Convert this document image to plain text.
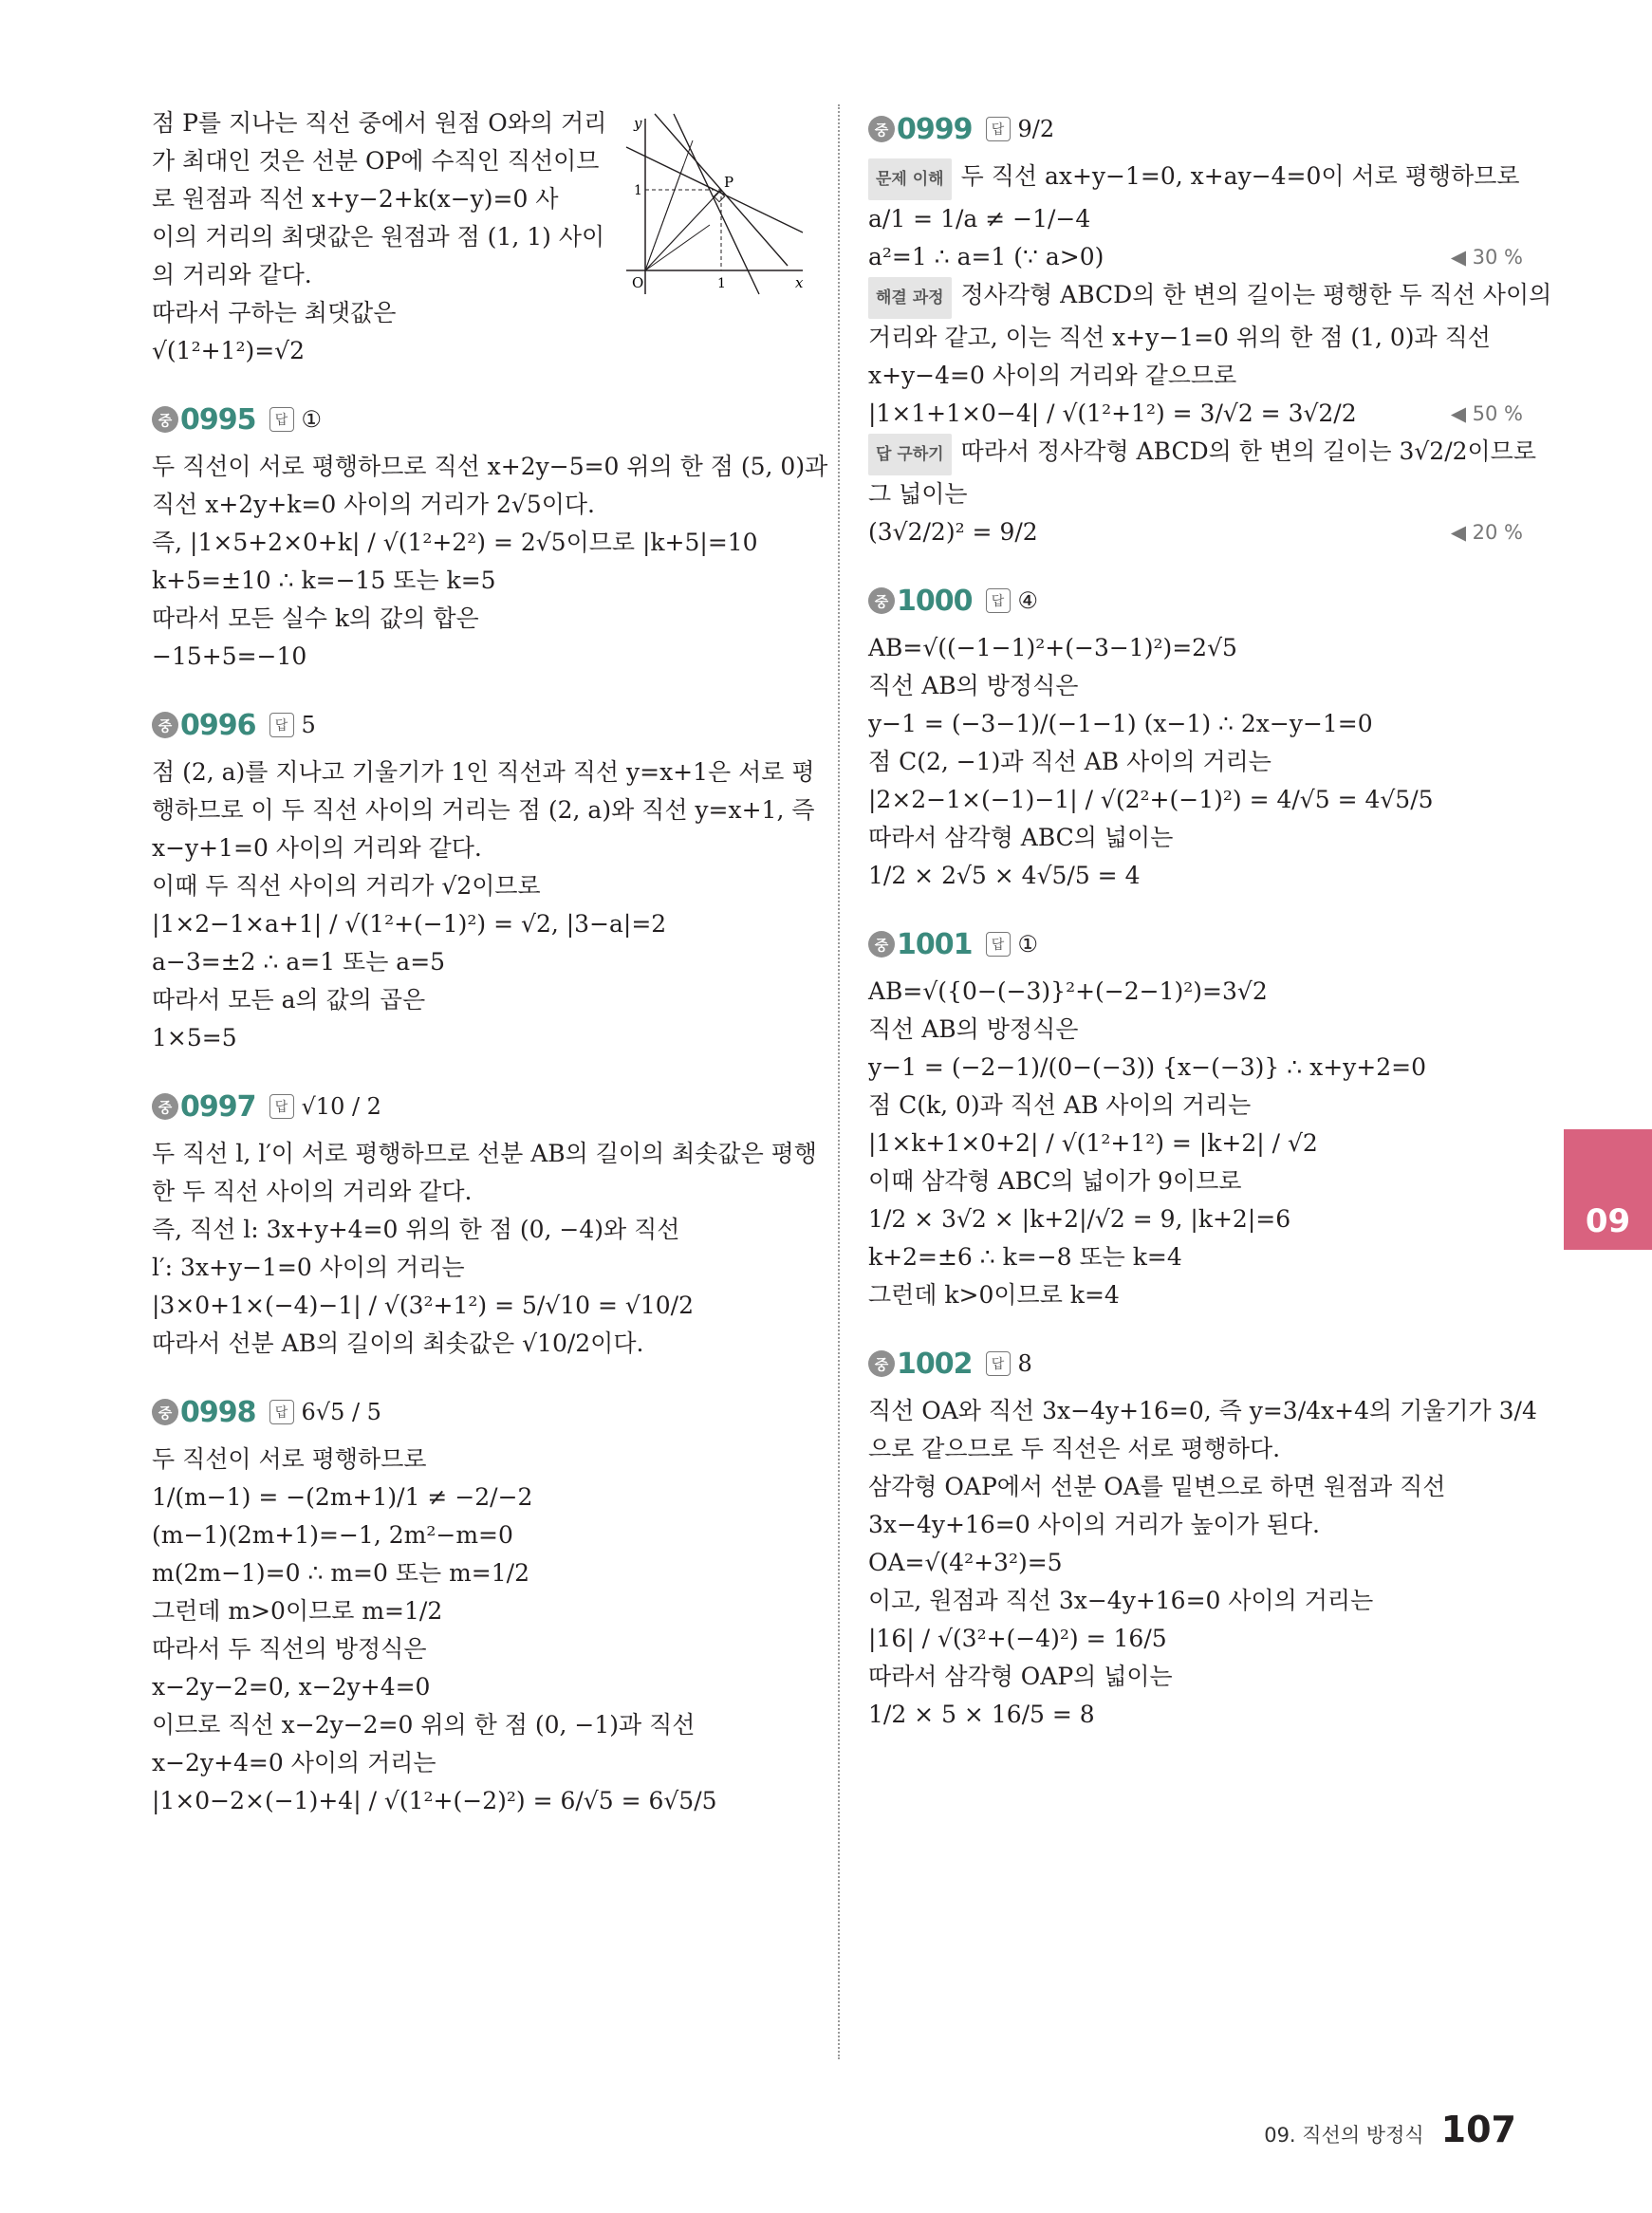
점 P를 지나는 직선 중에서 원점 O와의 거리
가 최대인 것은 선분 OP에 수직인 직선이므
로 원점과 직선 x+y−2+k(x−y)=0 사
이의 거리의 최댓값은 원점과 점 (1, 1) 사이
의 거리와 같다.
따라서 구하는 최댓값은
√(1²+1²)=√2
중 0995	답 ①
두 직선이 서로 평행하므로 직선 x+2y−5=0 위의 한 점 (5, 0)과
직선 x+2y+k=0 사이의 거리가 2√5이다.
즉, |1×5+2×0+k| / √(1²+2²) = 2√5이므로 |k+5|=10
k+5=±10 ∴ k=−15 또는 k=5
따라서 모든 실수 k의 값의 합은
−15+5=−10
중 0996	답 5
점 (2, a)를 지나고 기울기가 1인 직선과 직선 y=x+1은 서로 평
행하므로 이 두 직선 사이의 거리는 점 (2, a)와 직선 y=x+1, 즉
x−y+1=0 사이의 거리와 같다.
이때 두 직선 사이의 거리가 √2이므로
|1×2−1×a+1| / √(1²+(−1)²) = √2, |3−a|=2
a−3=±2 ∴ a=1 또는 a=5
따라서 모든 a의 값의 곱은
1×5=5
중 0997	답 √10 / 2
두 직선 l, l′이 서로 평행하므로 선분 AB의 길이의 최솟값은 평행
한 두 직선 사이의 거리와 같다.
즉, 직선 l: 3x+y+4=0 위의 한 점 (0, −4)와 직선
l′: 3x+y−1=0 사이의 거리는
|3×0+1×(−4)−1| / √(3²+1²) = 5/√10 = √10/2
따라서 선분 AB의 길이의 최솟값은 √10/2이다.
중 0998	답 6√5 / 5
두 직선이 서로 평행하므로
1/(m−1) = −(2m+1)/1 ≠ −2/−2
(m−1)(2m+1)=−1, 2m²−m=0
m(2m−1)=0 ∴ m=0 또는 m=1/2
그런데 m>0이므로 m=1/2
따라서 두 직선의 방정식은
x−2y−2=0, x−2y+4=0
이므로 직선 x−2y−2=0 위의 한 점 (0, −1)과 직선
x−2y+4=0 사이의 거리는
|1×0−2×(−1)+4| / √(1²+(−2)²) = 6/√5 = 6√5/5
y
x
O	1
1	P
중 0999	답 9/2
문제 이해 두 직선 ax+y−1=0, x+ay−4=0이 서로 평행하므로
a/1 = 1/a ≠ −1/−4
a²=1 ∴ a=1 (∵ a>0)	◀ 30 %
해결 과정 정사각형 ABCD의 한 변의 길이는 평행한 두 직선 사이의
거리와 같고, 이는 직선 x+y−1=0 위의 한 점 (1, 0)과 직선
x+y−4=0 사이의 거리와 같으므로
|1×1+1×0−4| / √(1²+1²) = 3/√2 = 3√2/2	◀ 50 %
답 구하기 따라서 정사각형 ABCD의 한 변의 길이는 3√2/2이므로
그 넓이는
(3√2/2)² = 9/2	◀ 20 %
중 1000	답 ④
AB=√((−1−1)²+(−3−1)²)=2√5
직선 AB의 방정식은
y−1 = (−3−1)/(−1−1) (x−1) ∴ 2x−y−1=0
점 C(2, −1)과 직선 AB 사이의 거리는
|2×2−1×(−1)−1| / √(2²+(−1)²) = 4/√5 = 4√5/5
따라서 삼각형 ABC의 넓이는
1/2 × 2√5 × 4√5/5 = 4
중 1001	답 ①
AB=√({0−(−3)}²+(−2−1)²)=3√2
직선 AB의 방정식은
y−1 = (−2−1)/(0−(−3)) {x−(−3)} ∴ x+y+2=0
점 C(k, 0)과 직선 AB 사이의 거리는
|1×k+1×0+2| / √(1²+1²) = |k+2| / √2
이때 삼각형 ABC의 넓이가 9이므로
1/2 × 3√2 × |k+2|/√2 = 9, |k+2|=6
k+2=±6 ∴ k=−8 또는 k=4
그런데 k>0이므로 k=4
중 1002	답 8
직선 OA와 직선 3x−4y+16=0, 즉 y=3/4x+4의 기울기가 3/4
으로 같으므로 두 직선은 서로 평행하다.
삼각형 OAP에서 선분 OA를 밑변으로 하면 원점과 직선
3x−4y+16=0 사이의 거리가 높이가 된다.
OA=√(4²+3²)=5
이고, 원점과 직선 3x−4y+16=0 사이의 거리는
|16| / √(3²+(−4)²) = 16/5
따라서 삼각형 OAP의 넓이는
1/2 × 5 × 16/5 = 8
09
09. 직선의 방정식 107
